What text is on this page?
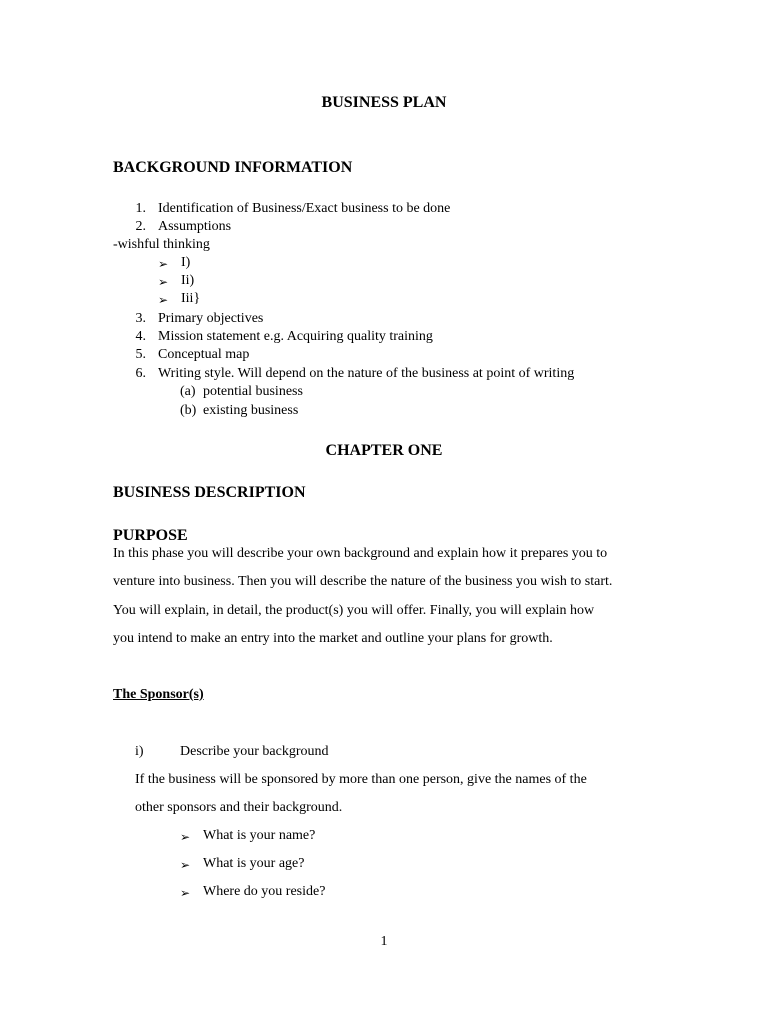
BUSINESS PLAN
BACKGROUND INFORMATION
1. Identification of Business/Exact business to be done
2. Assumptions
-wishful thinking
➢ I)
➢ Ii)
➢ Iii}
3. Primary objectives
4. Mission statement e.g. Acquiring quality training
5. Conceptual map
6. Writing style. Will depend on the nature of the business at point of writing
(a) potential business
(b) existing business
CHAPTER ONE
BUSINESS DESCRIPTION
PURPOSE
In this phase you will describe your own background and explain how it prepares you to
venture into business. Then you will describe the nature of the business you wish to start.
You will explain, in detail, the product(s) you will offer. Finally, you will explain how
you intend to make an entry into the market and outline your plans for growth.
The Sponsor(s)
i)	Describe your background
If the business will be sponsored by more than one person, give the names of the
other sponsors and their background.
➢ What is your name?
➢ What is your age?
➢ Where do you reside?
1
